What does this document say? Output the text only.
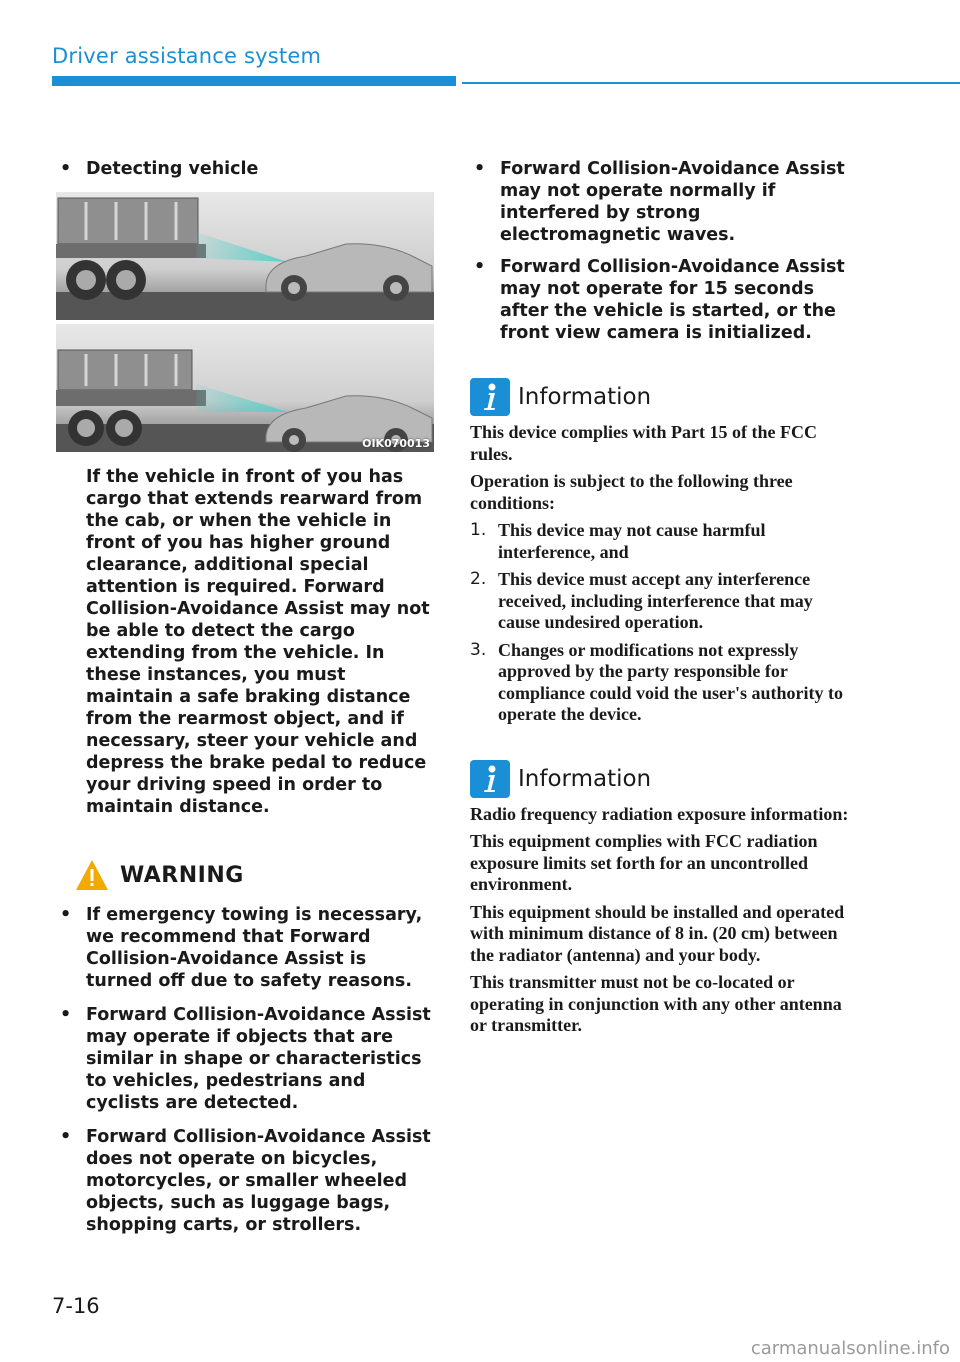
Driver assistance system
• Detecting vehicle
OIK070013
If the vehicle in front of you has cargo that extends rearward from the cab, or when the vehicle in front of you has higher ground clearance, additional special attention is required. Forward Collision-Avoidance Assist may not be able to detect the cargo extending from the vehicle. In these instances, you must maintain a safe braking distance from the rearmost object, and if necessary, steer your vehicle and depress the brake pedal to reduce your driving speed in order to maintain distance.
WARNING
• If emergency towing is necessary, we recommend that Forward Collision-Avoidance Assist is turned off due to safety reasons.
• Forward Collision-Avoidance Assist may operate if objects that are similar in shape or characteristics to vehicles, pedestrians and cyclists are detected.
• Forward Collision-Avoidance Assist does not operate on bicycles, motorcycles, or smaller wheeled objects, such as luggage bags, shopping carts, or strollers.
• Forward Collision-Avoidance Assist may not operate normally if interfered by strong electromagnetic waves.
• Forward Collision-Avoidance Assist may not operate for 15 seconds after the vehicle is started, or the front view camera is initialized.
Information

This device complies with Part 15 of the FCC rules.

Operation is subject to the following three conditions:

1. This device may not cause harmful interference, and
2. This device must accept any interference received, including interference that may cause undesired operation.
3. Changes or modifications not expressly approved by the party responsible for compliance could void the user's authority to operate the device.
Information

Radio frequency radiation exposure information:

This equipment complies with FCC radiation exposure limits set forth for an uncontrolled environment.

This equipment should be installed and operated with minimum distance of 8 in. (20 cm) between the radiator (antenna) and your body.

This transmitter must not be co-located or operating in conjunction with any other antenna or transmitter.

7-16
carmanualsonline.info
